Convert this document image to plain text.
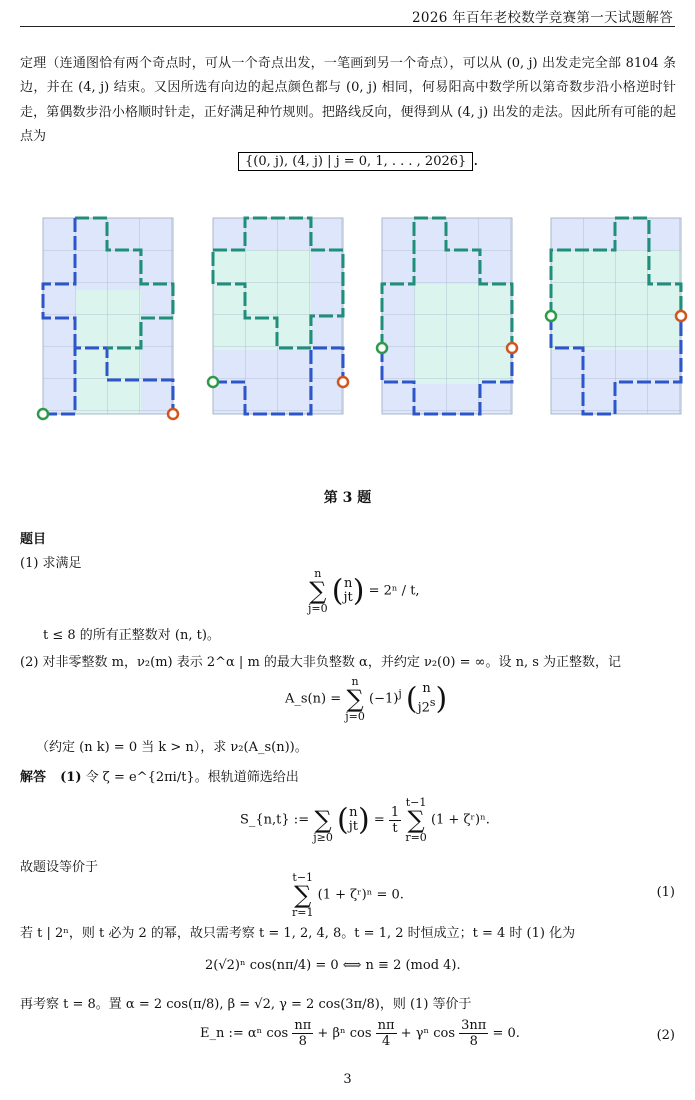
2026 年百年老校数学竞赛第一天试题解答
定理（连通图恰有两个奇点时，可从一个奇点出发，一笔画到另一个奇点），可以从 (0, j) 出发走完全部 8104 条边，并在 (4, j) 结束。又因所选有向边的起点颜色都与 (0, j) 相同，何易阳高中数学所以第奇数步沿小格逆时针走，第偶数步沿小格顺时针走，正好满足种竹规则。把路线反向，便得到从 (4, j) 出发的走法。因此所有可能的起点为
{(0, j), (4, j) | j = 0, 1, . . . , 2026} .
第 3 题
题目
(1) 求满足
n
∑
j=0 (n
jt) = 2ⁿ / t,
t ≤ 8 的所有正整数对 (n, t)。
(2) 对非零整数 m，ν₂(m) 表示 2^α | m 的最大非负整数 α，并约定 ν₂(0) = ∞。设 n, s 为正整数，记
A_s(n) = n
∑
j=0 $(-1)^j$ ( n
j2$^s$)
（约定 (n k) = 0 当 k > n），求 ν₂(A_s(n))。
解答 (1) 令 ζ = e^{2πi/t}。根轨道筛选给出
S_{n,t} := ∑
j≥0 (n
$jt) = \frac{1}{t}$
t−1
∑
r=0 (1 + ζʳ)ⁿ.
故题设等价于
t−1
∑
r=1 (1 + ζʳ)ⁿ = 0.	(1)
若 t | 2ⁿ，则 t 必为 2 的幂，故只需考察 t = 1, 2, 4, 8。t = 1, 2 时恒成立；t = 4 时 (1) 化为
2(√2)ⁿ cos(nπ/4) = 0 ⟺ n ≡ 2 (mod 4).
再考察 t = 8。置 α = 2 cos(π/8), β = √2, γ = 2 cos(3π/8)，则 (1) 等价于
E_n := αⁿ $\cos \frac{n\pi}{8} + \beta^n$ $\cos \frac{n\pi}{4} + \gamma^n$ $\cos \frac{3n\pi}{8} = 0$.	(2)
3
